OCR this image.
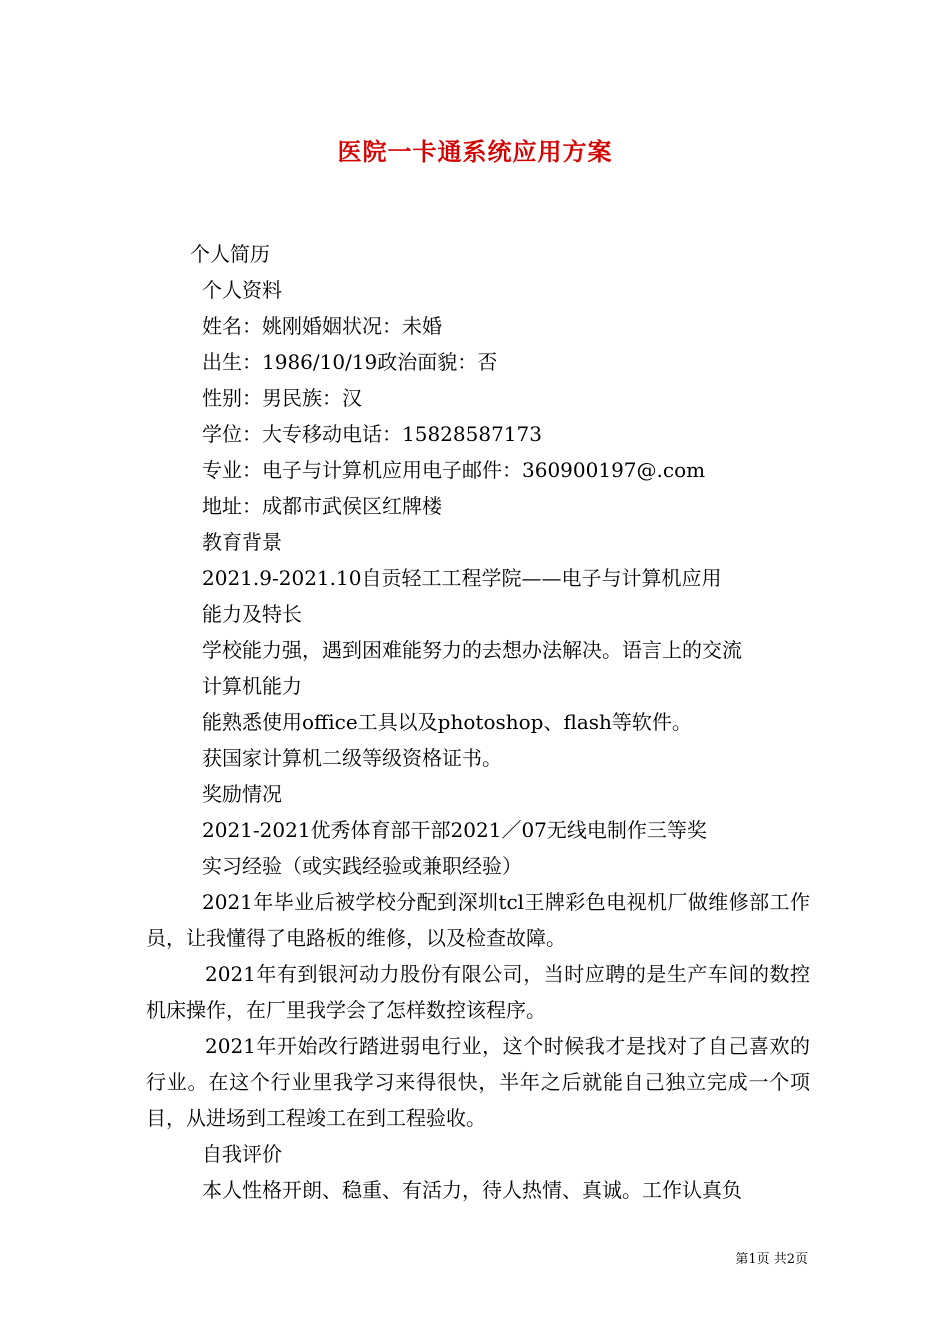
医院一卡通系统应用方案
个人简历
个人资料
姓名：姚刚婚姻状况：未婚
出生：1986/10/19政治面貌：否
性别：男民族：汉
学位：大专移动电话：15828587173
专业：电子与计算机应用电子邮件：360900197@.com
地址：成都市武侯区红牌楼
教育背景
2021.9-2021.10自贡轻工工程学院——电子与计算机应用
能力及特长
学校能力强，遇到困难能努力的去想办法解决。语言上的交流
计算机能力
能熟悉使用office工具以及photoshop、flash等软件。
获国家计算机二级等级资格证书。
奖励情况
2021-2021优秀体育部干部2021／07无线电制作三等奖
实习经验（或实践经验或兼职经验）
2021年毕业后被学校分配到深圳tcl王牌彩色电视机厂做维修部工作员，让我懂得了电路板的维修，以及检查故障。
2021年有到银河动力股份有限公司，当时应聘的是生产车间的数控机床操作，在厂里我学会了怎样数控该程序。
2021年开始改行踏进弱电行业，这个时候我才是找对了自己喜欢的行业。在这个行业里我学习来得很快，半年之后就能自己独立完成一个项目，从进场到工程竣工在到工程验收。
自我评价
本人性格开朗、稳重、有活力，待人热情、真诚。工作认真负
第1页 共2页
